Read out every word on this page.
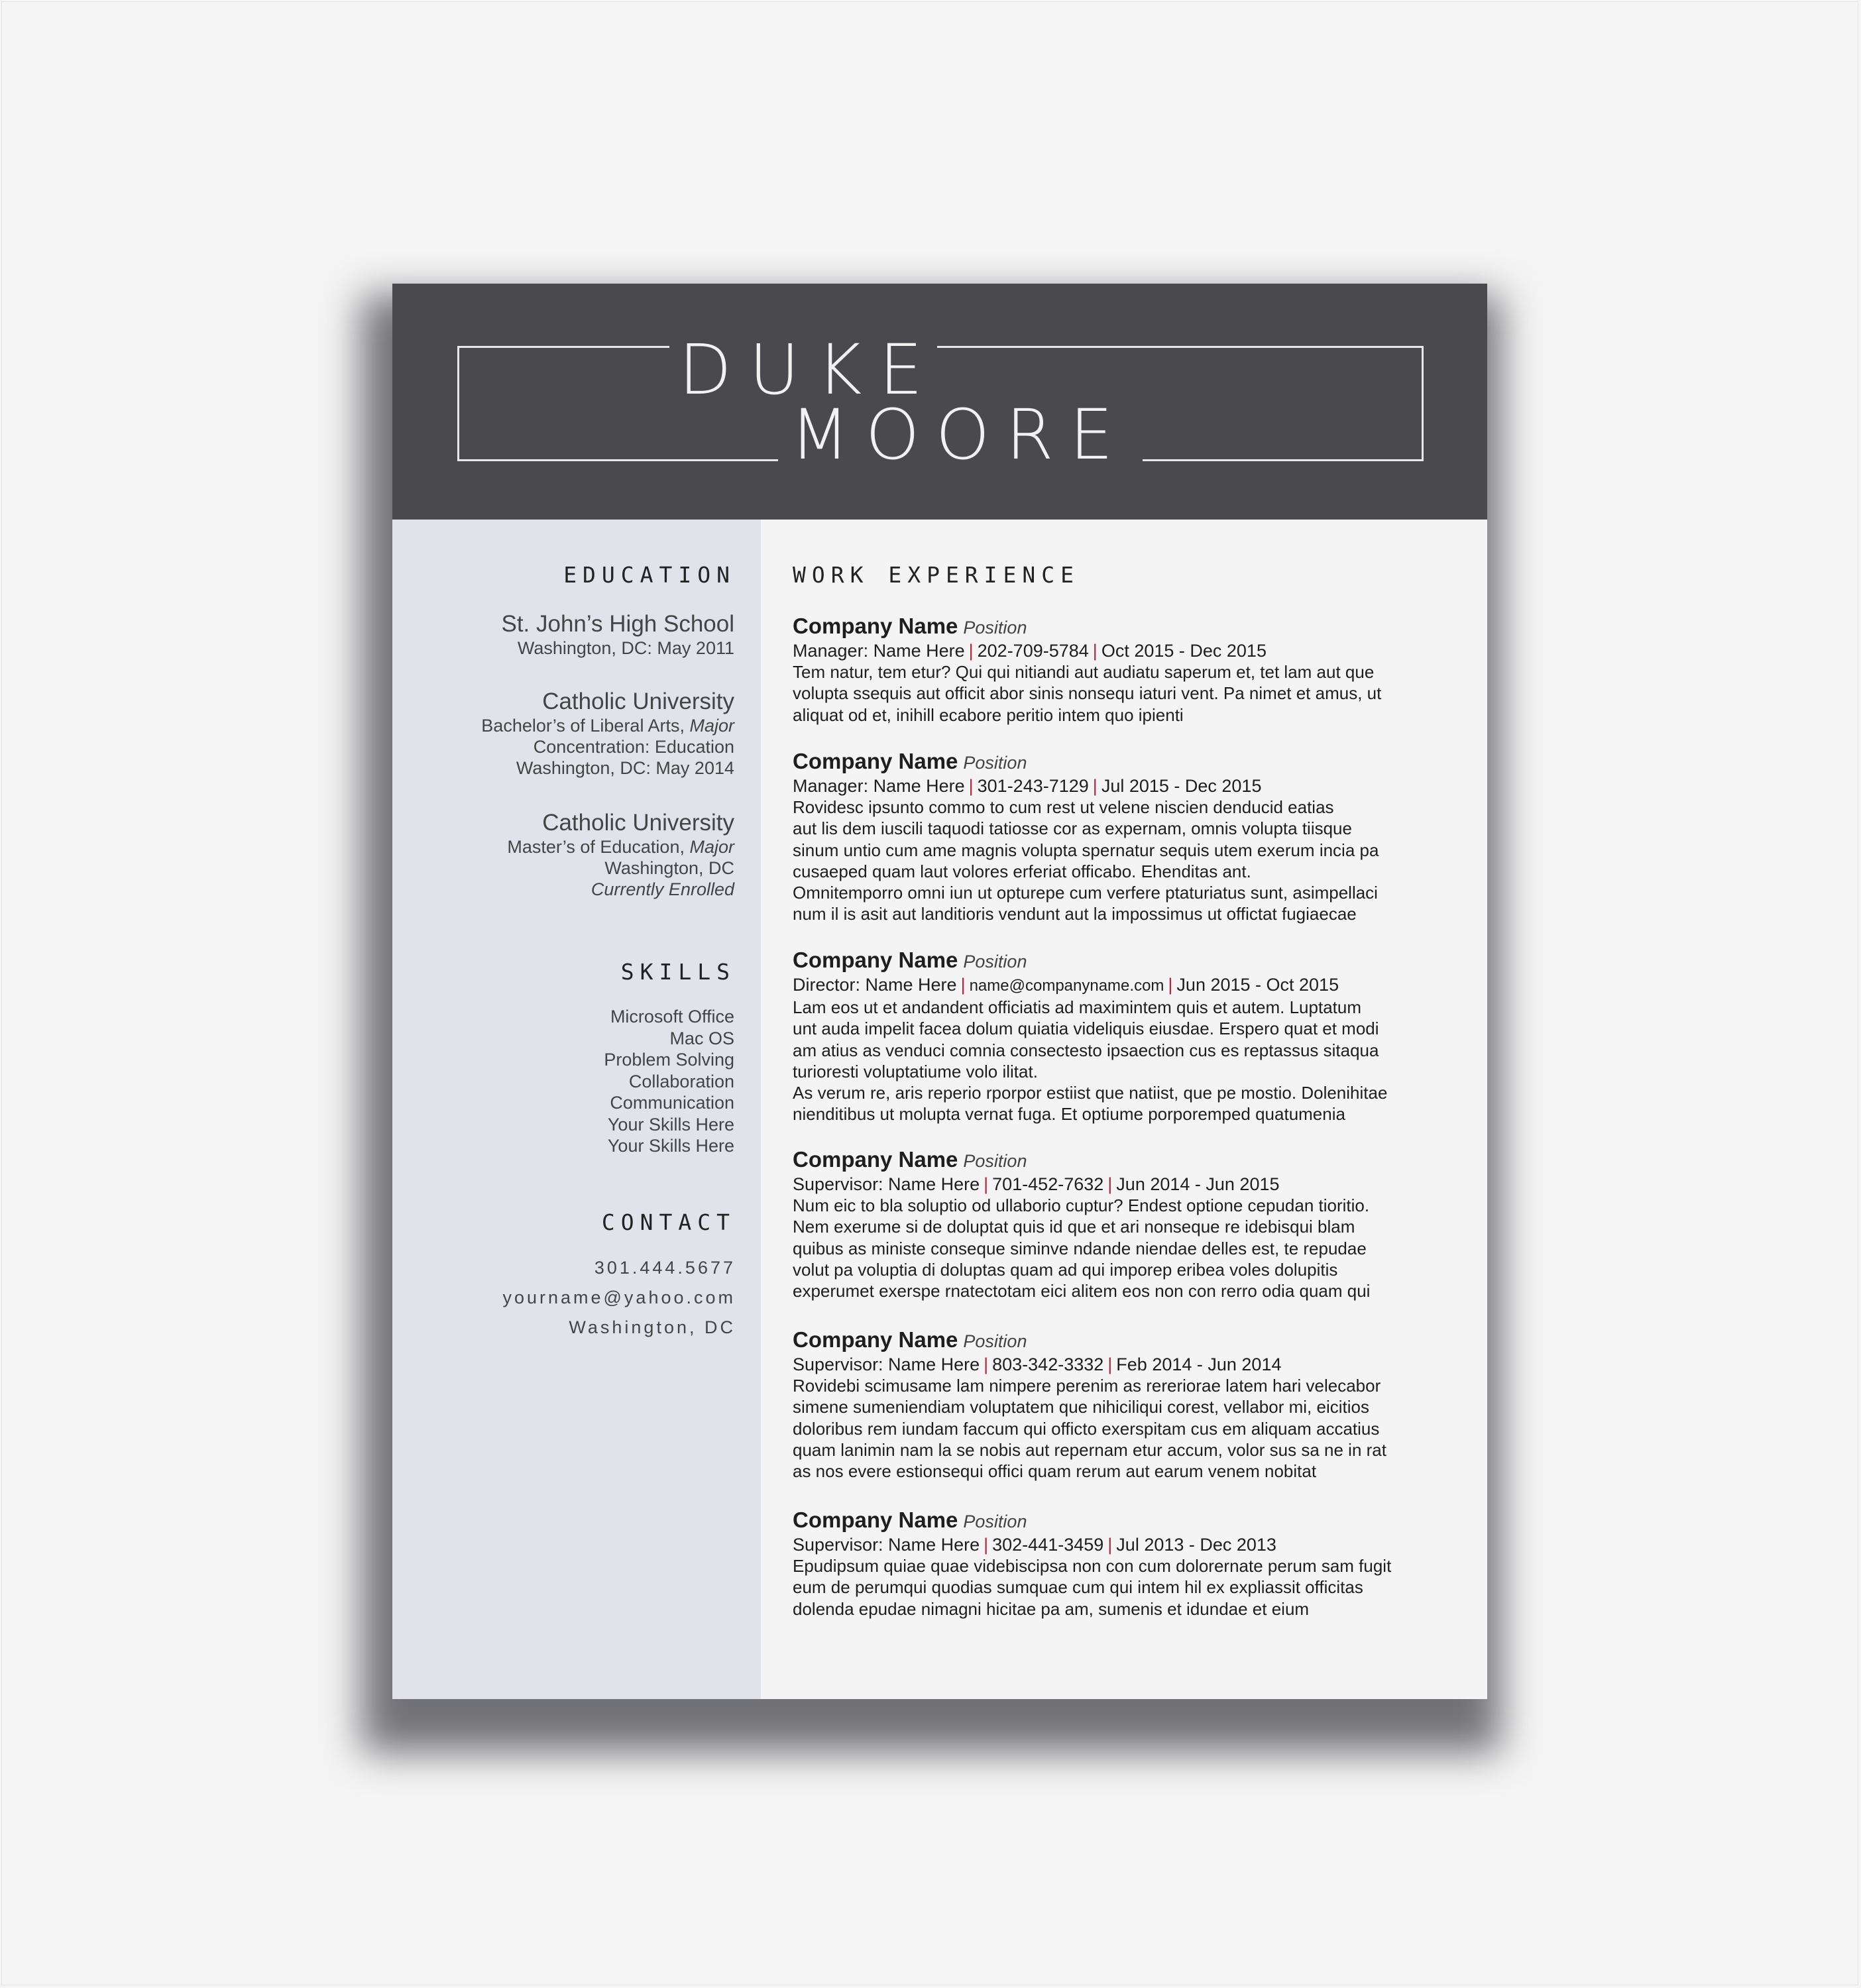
DUKE
MOORE
EDUCATION
St. John’s High School
Washington, DC: May 2011
Catholic University
Bachelor’s of Liberal Arts, Major
Concentration: Education
Washington, DC: May 2014
Catholic University
Master’s of Education, Major
Washington, DC
Currently Enrolled
SKILLS
Microsoft Office
Mac OS
Problem Solving
Collaboration
Communication
Your Skills Here
Your Skills Here
CONTACT
301.444.5677
yourname@yahoo.com
Washington, DC
WORK EXPERIENCE
Company Name Position
Manager: Name Here | 202-709-5784 | Oct 2015 - Dec 2015
Tem natur, tem etur? Qui qui nitiandi aut audiatu saperum et, tet lam aut que
volupta ssequis aut officit abor sinis nonsequ iaturi vent. Pa nimet et amus, ut
aliquat od et, inihill ecabore peritio intem quo ipienti
Company Name Position
Manager: Name Here | 301-243-7129 | Jul 2015 - Dec 2015
Rovidesc ipsunto commo to cum rest ut velene niscien denducid eatias
aut lis dem iuscili taquodi tatiosse cor as expernam, omnis volupta tiisque
sinum untio cum ame magnis volupta spernatur sequis utem exerum incia pa
cusaeped quam laut volores erferiat officabo. Ehenditas ant.
Omnitemporro omni iun ut opturepe cum verfere ptaturiatus sunt, asimpellaci
num il is asit aut landitioris vendunt aut la impossimus ut offictat fugiaecae
Company Name Position
Director: Name Here | name@companyname.com | Jun 2015 - Oct 2015
Lam eos ut et andandent officiatis ad maximintem quis et autem. Luptatum
unt auda impelit facea dolum quiatia videliquis eiusdae. Erspero quat et modi
am atius as venduci comnia consectesto ipsaection cus es reptassus sitaqua
turioresti voluptatiume volo ilitat.
As verum re, aris reperio rporpor estiist que natiist, que pe mostio. Dolenihitae
nienditibus ut molupta vernat fuga. Et optiume porporemped quatumenia
Company Name Position
Supervisor: Name Here | 701-452-7632 | Jun 2014 - Jun 2015
Num eic to bla soluptio od ullaborio cuptur? Endest optione cepudan tioritio.
Nem exerume si de doluptat quis id que et ari nonseque re idebisqui blam
quibus as ministe conseque siminve ndande niendae delles est, te repudae
volut pa voluptia di doluptas quam ad qui imporep eribea voles dolupitis
experumet exerspe rnatectotam eici alitem eos non con rerro odia quam qui
Company Name Position
Supervisor: Name Here | 803-342-3332 | Feb 2014 - Jun 2014
Rovidebi scimusame lam nimpere perenim as rereriorae latem hari velecabor
simene sumeniendiam voluptatem que nihiciliqui corest, vellabor mi, eicitios
doloribus rem iundam faccum qui officto exerspitam cus em aliquam accatius
quam lanimin nam la se nobis aut repernam etur accum, volor sus sa ne in rat
as nos evere estionsequi offici quam rerum aut earum venem nobitat
Company Name Position
Supervisor: Name Here | 302-441-3459 | Jul 2013 - Dec 2013
Epudipsum quiae quae videbiscipsa non con cum dolorernate perum sam fugit
eum de perumqui quodias sumquae cum qui intem hil ex expliassit officitas
dolenda epudae nimagni hicitae pa am, sumenis et idundae et eium
